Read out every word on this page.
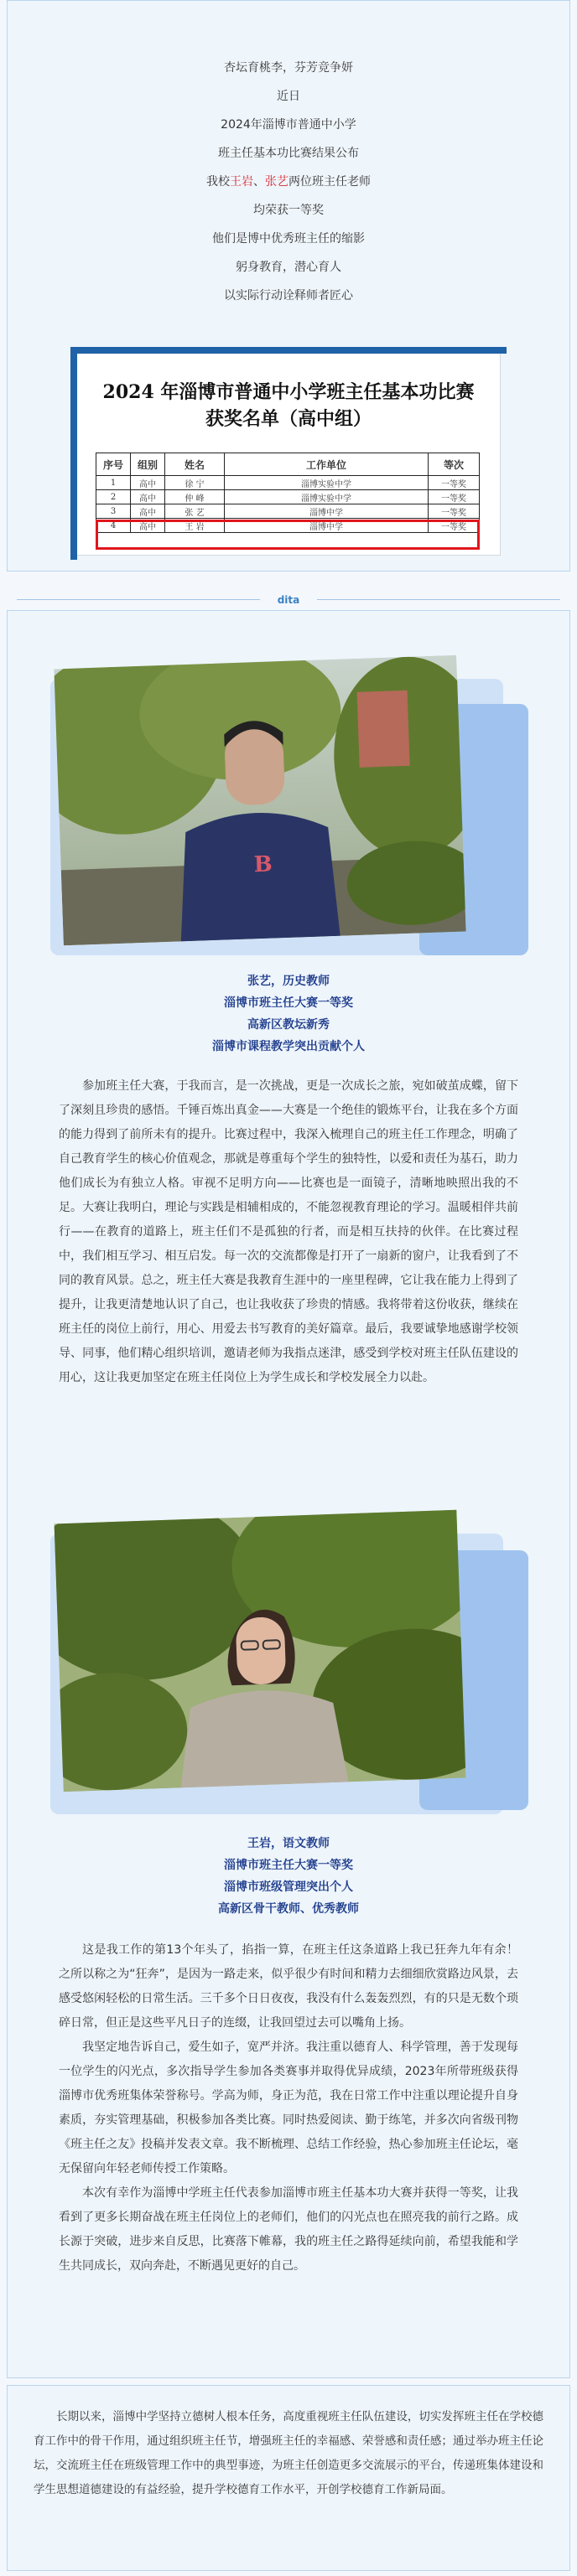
杏坛育桃李，芬芳竞争妍

近日

2024年淄博市普通中小学

班主任基本功比赛结果公布

我校王岩、张艺两位班主任老师

均荣获一等奖

他们是博中优秀班主任的缩影

躬身教育，潜心育人

以实际行动诠释师者匠心

2024 年淄博市普通中小学班主任基本功比赛
获奖名单（高中组）
序号	组别	姓名	工作单位	等次
1	高中	徐 宁	淄博实验中学	一等奖
2	高中	仲 峰	淄博实验中学	一等奖
3	高中	张 艺	淄博中学	一等奖
4	高中	王 岩	淄博中学	一等奖
dita
B

张艺，历史教师

淄博市班主任大赛一等奖

高新区教坛新秀

淄博市课程教学突出贡献个人

参加班主任大赛，于我而言，是一次挑战，更是一次成长之旅，宛如破茧成蝶，留下了深刻且珍贵的感悟。千锤百炼出真金——大赛是一个绝佳的锻炼平台，让我在多个方面的能力得到了前所未有的提升。比赛过程中，我深入梳理自己的班主任工作理念，明确了自己教育学生的核心价值观念，那就是尊重每个学生的独特性，以爱和责任为基石，助力他们成长为有独立人格。审视不足明方向——比赛也是一面镜子，清晰地映照出我的不足。大赛让我明白，理论与实践是相辅相成的，不能忽视教育理论的学习。温暖相伴共前行——在教育的道路上，班主任们不是孤独的行者，而是相互扶持的伙伴。在比赛过程中，我们相互学习、相互启发。每一次的交流都像是打开了一扇新的窗户，让我看到了不同的教育风景。总之，班主任大赛是我教育生涯中的一座里程碑，它让我在能力上得到了提升，让我更清楚地认识了自己，也让我收获了珍贵的情感。我将带着这份收获，继续在班主任的岗位上前行，用心、用爱去书写教育的美好篇章。最后，我要诚挚地感谢学校领导、同事，他们精心组织培训，邀请老师为我指点迷津，感受到学校对班主任队伍建设的用心，这让我更加坚定在班主任岗位上为学生成长和学校发展全力以赴。

王岩，语文教师

淄博市班主任大赛一等奖

淄博市班级管理突出个人

高新区骨干教师、优秀教师

这是我工作的第13个年头了，掐指一算，在班主任这条道路上我已狂奔九年有余！之所以称之为“狂奔”，是因为一路走来，似乎很少有时间和精力去细细欣赏路边风景，去感受悠闲轻松的日常生活。三千多个日日夜夜，我没有什么轰轰烈烈，有的只是无数个琐碎日常，但正是这些平凡日子的连缀，让我回望过去可以嘴角上扬。

我坚定地告诉自己，爱生如子，宽严并济。我注重以德育人、科学管理，善于发现每一位学生的闪光点，多次指导学生参加各类赛事并取得优异成绩，2023年所带班级获得淄博市优秀班集体荣誉称号。学高为师，身正为范，我在日常工作中注重以理论提升自身素质，夯实管理基础，积极参加各类比赛。同时热爱阅读、勤于练笔，并多次向省级刊物《班主任之友》投稿并发表文章。我不断梳理、总结工作经验，热心参加班主任论坛，毫无保留向年轻老师传授工作策略。

本次有幸作为淄博中学班主任代表参加淄博市班主任基本功大赛并获得一等奖，让我看到了更多长期奋战在班主任岗位上的老师们，他们的闪光点也在照亮我的前行之路。成长源于突破，进步来自反思，比赛落下帷幕，我的班主任之路得延续向前，希望我能和学生共同成长，双向奔赴，不断遇见更好的自己。

长期以来，淄博中学坚持立德树人根本任务，高度重视班主任队伍建设，切实发挥班主任在学校德育工作中的骨干作用，通过组织班主任节，增强班主任的幸福感、荣誉感和责任感；通过举办班主任论坛，交流班主任在班级管理工作中的典型事迹，为班主任创造更多交流展示的平台，传递班集体建设和学生思想道德建设的有益经验，提升学校德育工作水平，开创学校德育工作新局面。
